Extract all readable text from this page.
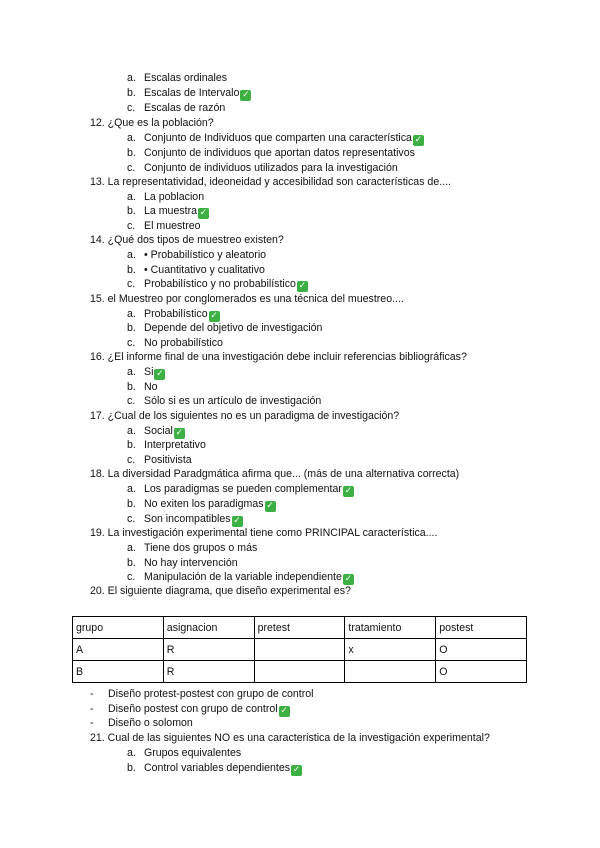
a. Escalas ordinales
b. Escalas de Intervalo ✓
c. Escalas de razón
12. ¿Que es la población?
a. Conjunto de Individuos que comparten una característica ✓
b. Conjunto de individuos que aportan datos representativos
c. Conjunto de individuos utilizados para la investigación
13. La representatividad, ideoneidad y accesibilidad son características de....
a. La poblacion
b. La muestra ✓
c. El muestreo
14. ¿Qué dos tipos de muestreo existen?
a. • Probabilístico y aleatorio
b. • Cuantitativo y cualitativo
c. Probabilístico y no probabilístico ✓
15. el Muestreo por conglomerados es una técnica del muestreo....
a. Probabilístico ✓
b. Depende del objetivo de investigación
c. No probabilístico
16. ¿El informe final de una investigación debe incluir referencias bibliográficas?
a. Si ✓
b. No
c. Sólo si es un artículo de investigación
17. ¿Cual de los siguientes no es un paradigma de investigación?
a. Social ✓
b. Interpretativo
c. Positivista
18. La diversidad Paradgmática afirma que... (más de una alternativa correcta)
a. Los paradigmas se pueden complementar ✓
b. No exiten los paradigmas ✓
c. Son incompatibles ✓
19. La investigación experimental tiene como PRINCIPAL característica....
a. Tiene dos grupos o más
b. No hay intervención
c. Manipulación de la variable independiente ✓
20. El siguiente diagrama, que diseño experimental es?
grupo	asignacion	pretest	tratamiento	postest
A	R		x	O
B	R			O
- Diseño protest-postest con grupo de control
- Diseño postest con grupo de control ✓
- Diseño o solomon
21. Cual de las siguientes NO es una caracteristica de la investigación experimental?
a. Grupos equivalentes
b. Control variables dependientes ✓
